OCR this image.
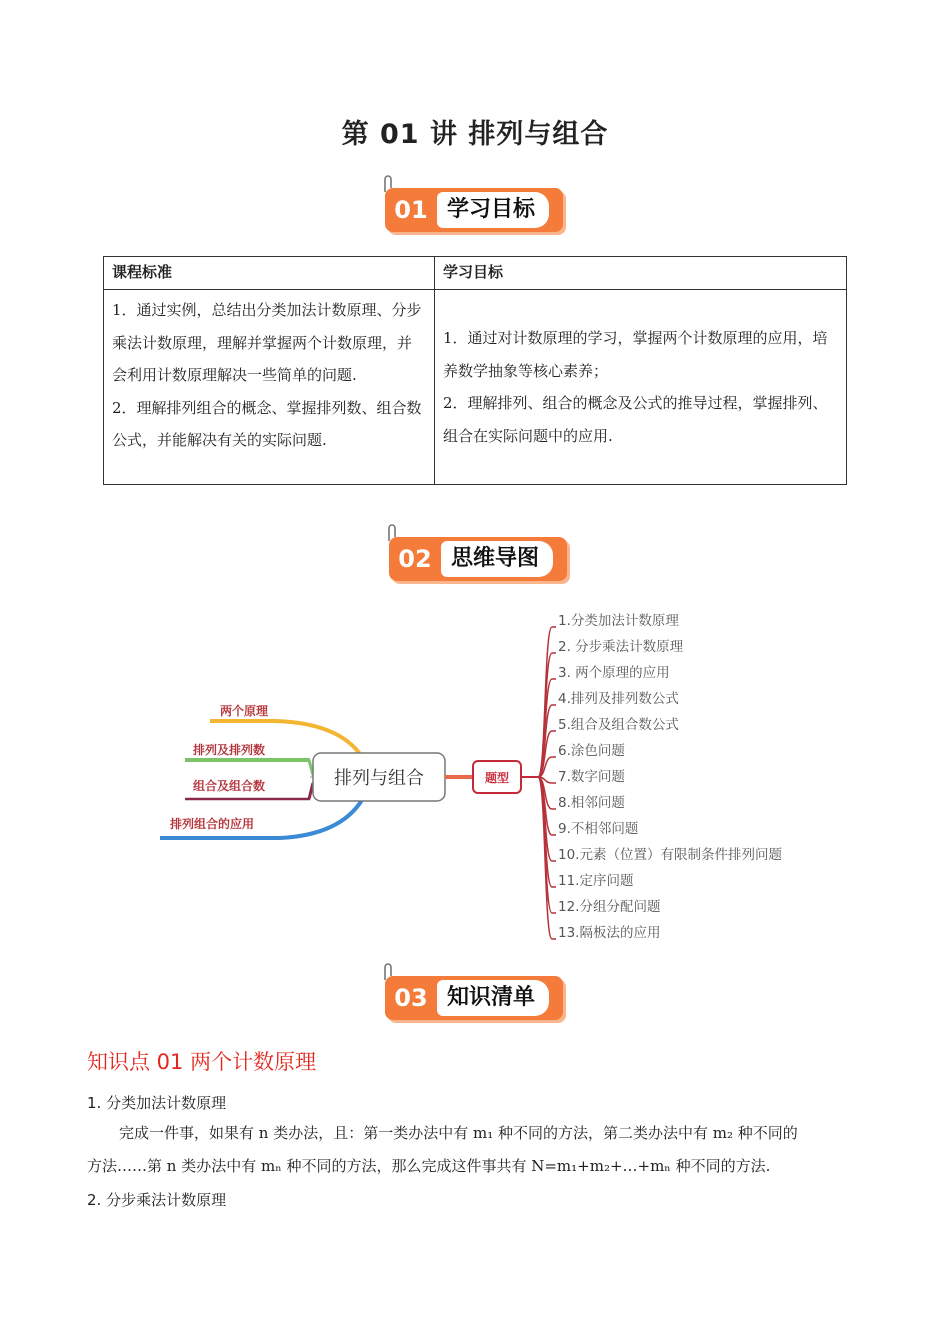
第 01 讲 排列与组合
01 学习目标
课程标准	学习目标

1．通过实例，总结出分类加法计数原理、分步乘法计数原理，理解并掌握两个计数原理，并会利用计数原理解决一些简单的问题.
2．理解排列组合的概念、掌握排列数、组合数公式，并能解决有关的实际问题.	1．通过对计数原理的学习，掌握两个计数原理的应用，培养数学抽象等核心素养；
2．理解排列、组合的概念及公式的推导过程，掌握排列、组合在实际问题中的应用.
02 思维导图
两个原理
排列及排列数
组合及组合数
排列组合的应用
排列与组合	题型
1.分类加法计数原理
2. 分步乘法计数原理
3. 两个原理的应用
4.排列及排列数公式
5.组合及组合数公式
6.涂色问题
7.数字问题
8.相邻问题
9.不相邻问题
10.元素（位置）有限制条件排列问题
11.定序问题
12.分组分配问题
13.隔板法的应用
03 知识清单
知识点 01 两个计数原理
1. 分类加法计数原理
完成一件事，如果有 n 类办法，且：第一类办法中有 m₁ 种不同的方法，第二类办法中有 m₂ 种不同的
方法……第 n 类办法中有 mₙ 种不同的方法，那么完成这件事共有 N=m₁+m₂+…+mₙ 种不同的方法.
2. 分步乘法计数原理
